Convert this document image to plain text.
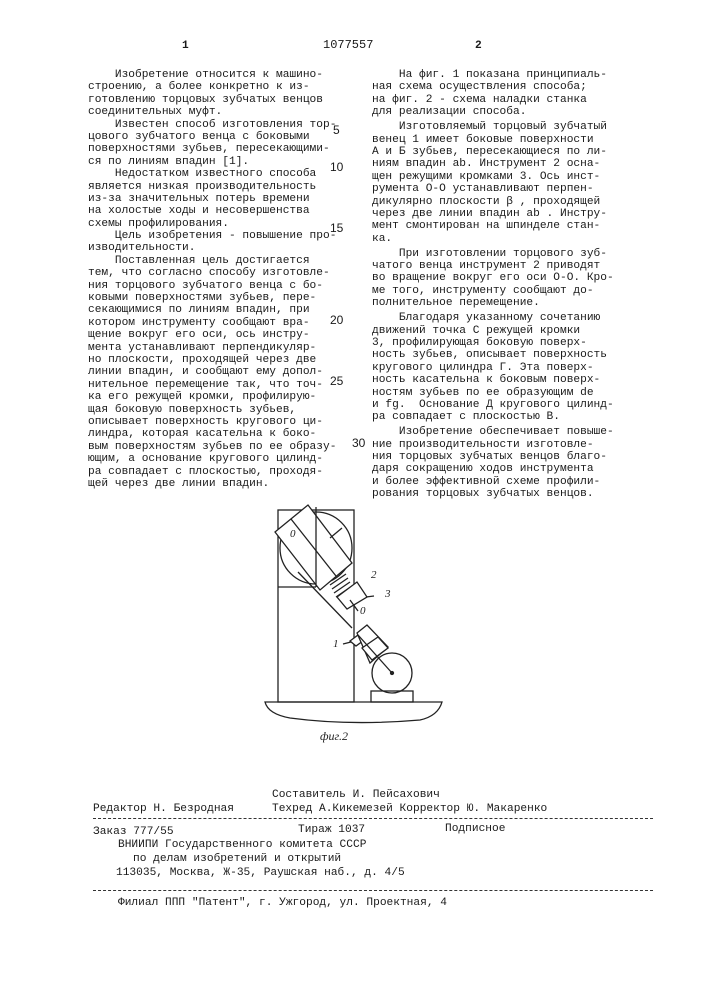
1	1077557	2
Изобретение относится к машино-
строению, а более конкретно к из-
готовлению торцовых зубчатых венцов
соединительных муфт.
Известен способ изготовления тор-
цового зубчатого венца с боковыми
поверхностями зубьев, пересекающими-
ся по линиям впадин [1].
Недостатком известного способа
является низкая производительность
из-за значительных потерь времени
на холостые ходы и несовершенства
схемы профилирования.
Цель изобретения - повышение про-
изводительности.
Поставленная цель достигается
тем, что согласно способу изготовле-
ния торцового зубчатого венца с бо-
ковыми поверхностями зубьев, пере-
секающимися по линиям впадин, при
котором инструменту сообщают вра-
щение вокруг его оси, ось инстру-
мента устанавливают перпендикуляр-
но плоскости, проходящей через две
линии впадин, и сообщают ему допол-
нительное перемещение так, что точ-
ка его режущей кромки, профилирую-
щая боковую поверхность зубьев,
описывает поверхность кругового ци-
линдра, которая касательна к боко-
вым поверхностям зубьев по ее образу-
ющим, а основание кругового цилинд-
ра совпадает с плоскостью, проходя-
щей через две линии впадин.
На фиг. 1 показана принципиаль-
ная схема осуществления способа;
на фиг. 2 - схема наладки станка
для реализации способа.
Изготовляемый торцовый зубчатый
венец 1 имеет боковые поверхности
А и Б зубьев, пересекающиеся по ли-
ниям впадин аb. Инструмент 2 осна-
щен режущими кромками 3. Ось инст-
румента О-О устанавливают перпен-
дикулярно плоскости β , проходящей
через две линии впадин аb . Инстру-
мент смонтирован на шпинделе стан-
ка.
При изготовлении торцового зуб-
чатого венца инструмент 2 приводят
во вращение вокруг его оси О-О. Кро-
ме того, инструменту сообщают до-
полнительное перемещение.
Благодаря указанному сочетанию
движений точка С режущей кромки
3, профилирующая боковую поверх-
ность зубьев, описывает поверхность
кругового цилиндра Г. Эта поверх-
ность касательна к боковым поверх-
ностям зубьев по ее образующим de
и fg.  Основание Д кругового цилинд-
ра совпадает с плоскостью В.
Изобретение обеспечивает повыше-
ние производительности изготовле-
ния торцовых зубчатых венцов благо-
даря сокращению ходов инструмента
и более эффективной схеме профили-
рования торцовых зубчатых венцов.
5
10
15
20
25
30
0
2
3
0
1
фиг.2
Составитель И. Пейсахович
Редактор Н. Безродная	Техред А.Кикемезей Корректор Ю. Макаренко
Заказ 777/55	Тираж 1037	Подписное
ВНИИПИ Государственного комитета СССР
по делам изобретений и открытий
113035, Москва, Ж-35, Раушская наб., д. 4/5
Филиал ППП "Патент", г. Ужгород, ул. Проектная, 4
